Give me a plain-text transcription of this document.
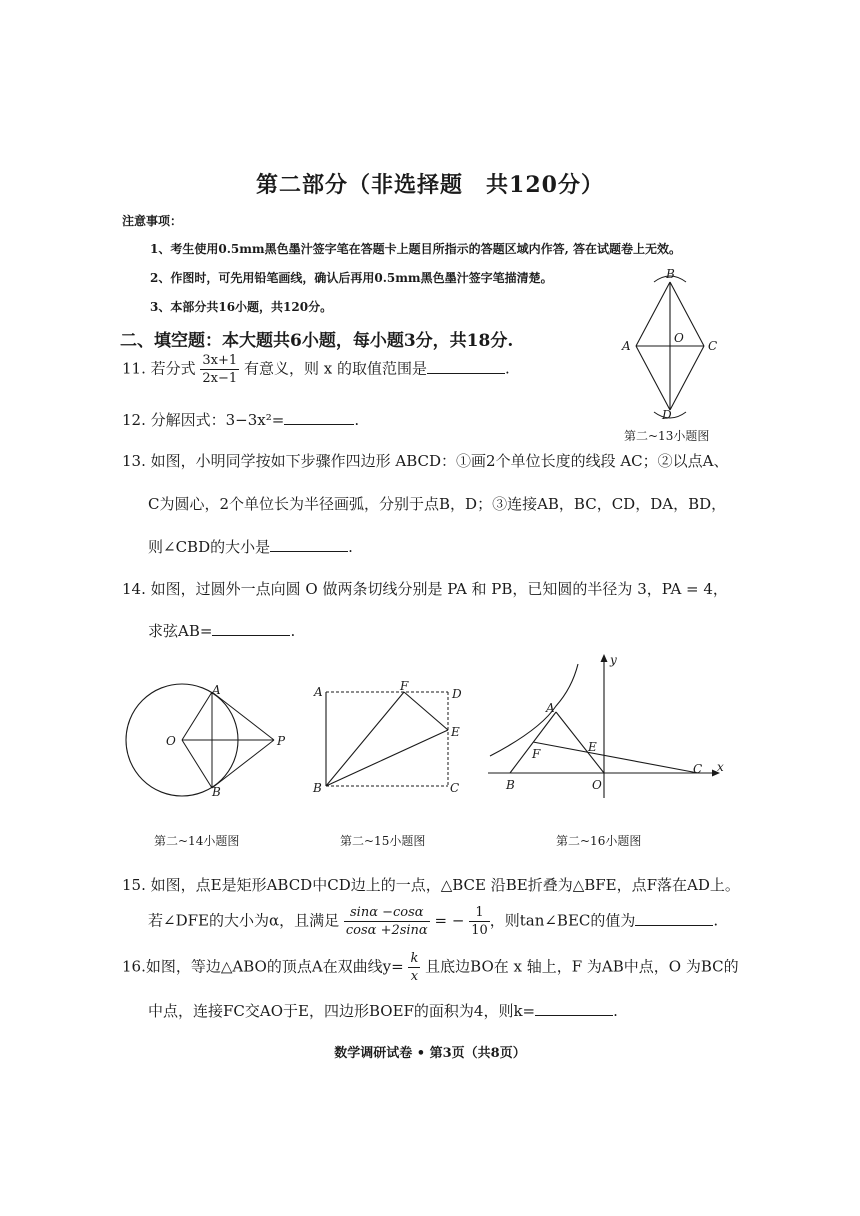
第二部分（非选择题　共120分）
注意事项：
1、考生使用0.5mm黑色墨汁签字笔在答题卡上题目所指示的答题区域内作答, 答在试题卷上无效。
2、作图时，可先用铅笔画线，确认后再用0.5mm黑色墨汁签字笔描清楚。
3、本部分共16小题，共120分。
二、填空题：本大题共6小题，每小题3分，共18分.
11. 若分式 $\frac{3x+1}{2x-1}$ 有意义，则 x 的取值范围是	.
12. 分解因式：3−3x²=	.
13. 如图，小明同学按如下步骤作四边形 ABCD：①画2个单位长度的线段 AC；②以点A、
C为圆心，2个单位长为半径画弧，分别于点B，D；③连接AB，BC，CD，DA，BD，
则∠CBD的大小是	.
14. 如图，过圆外一点向圆 O 做两条切线分别是 PA 和 PB，已知圆的半径为 3，PA = 4，
求弦AB=	.
B
A
O
C
D
第二~13小题图
A
O	P
B
第二~14小题图
A	F
D
E
B	C
第二~15小题图
y
A
E
F
C x
B	O
第二~16小题图
15. 如图，点E是矩形ABCD中CD边上的一点，△BCE 沿BE折叠为△BFE，点F落在AD上。
若∠DFE的大小为α，且满足 $\frac{\sin\alpha -\cos\alpha}{\cos\alpha +2\sin\alpha}$ = − $\frac{1}{10}$ ，则tan∠BEC的值为	.
16.如图，等边△ABO的顶点A在双曲线$y= \frac{k}{x}$ 且底边BO在 x 轴上，F 为AB中点，O 为BC的
中点，连接FC交AO于E，四边形BOEF的面积为4，则k=	.
数学调研试卷 • 第3页（共8页）
